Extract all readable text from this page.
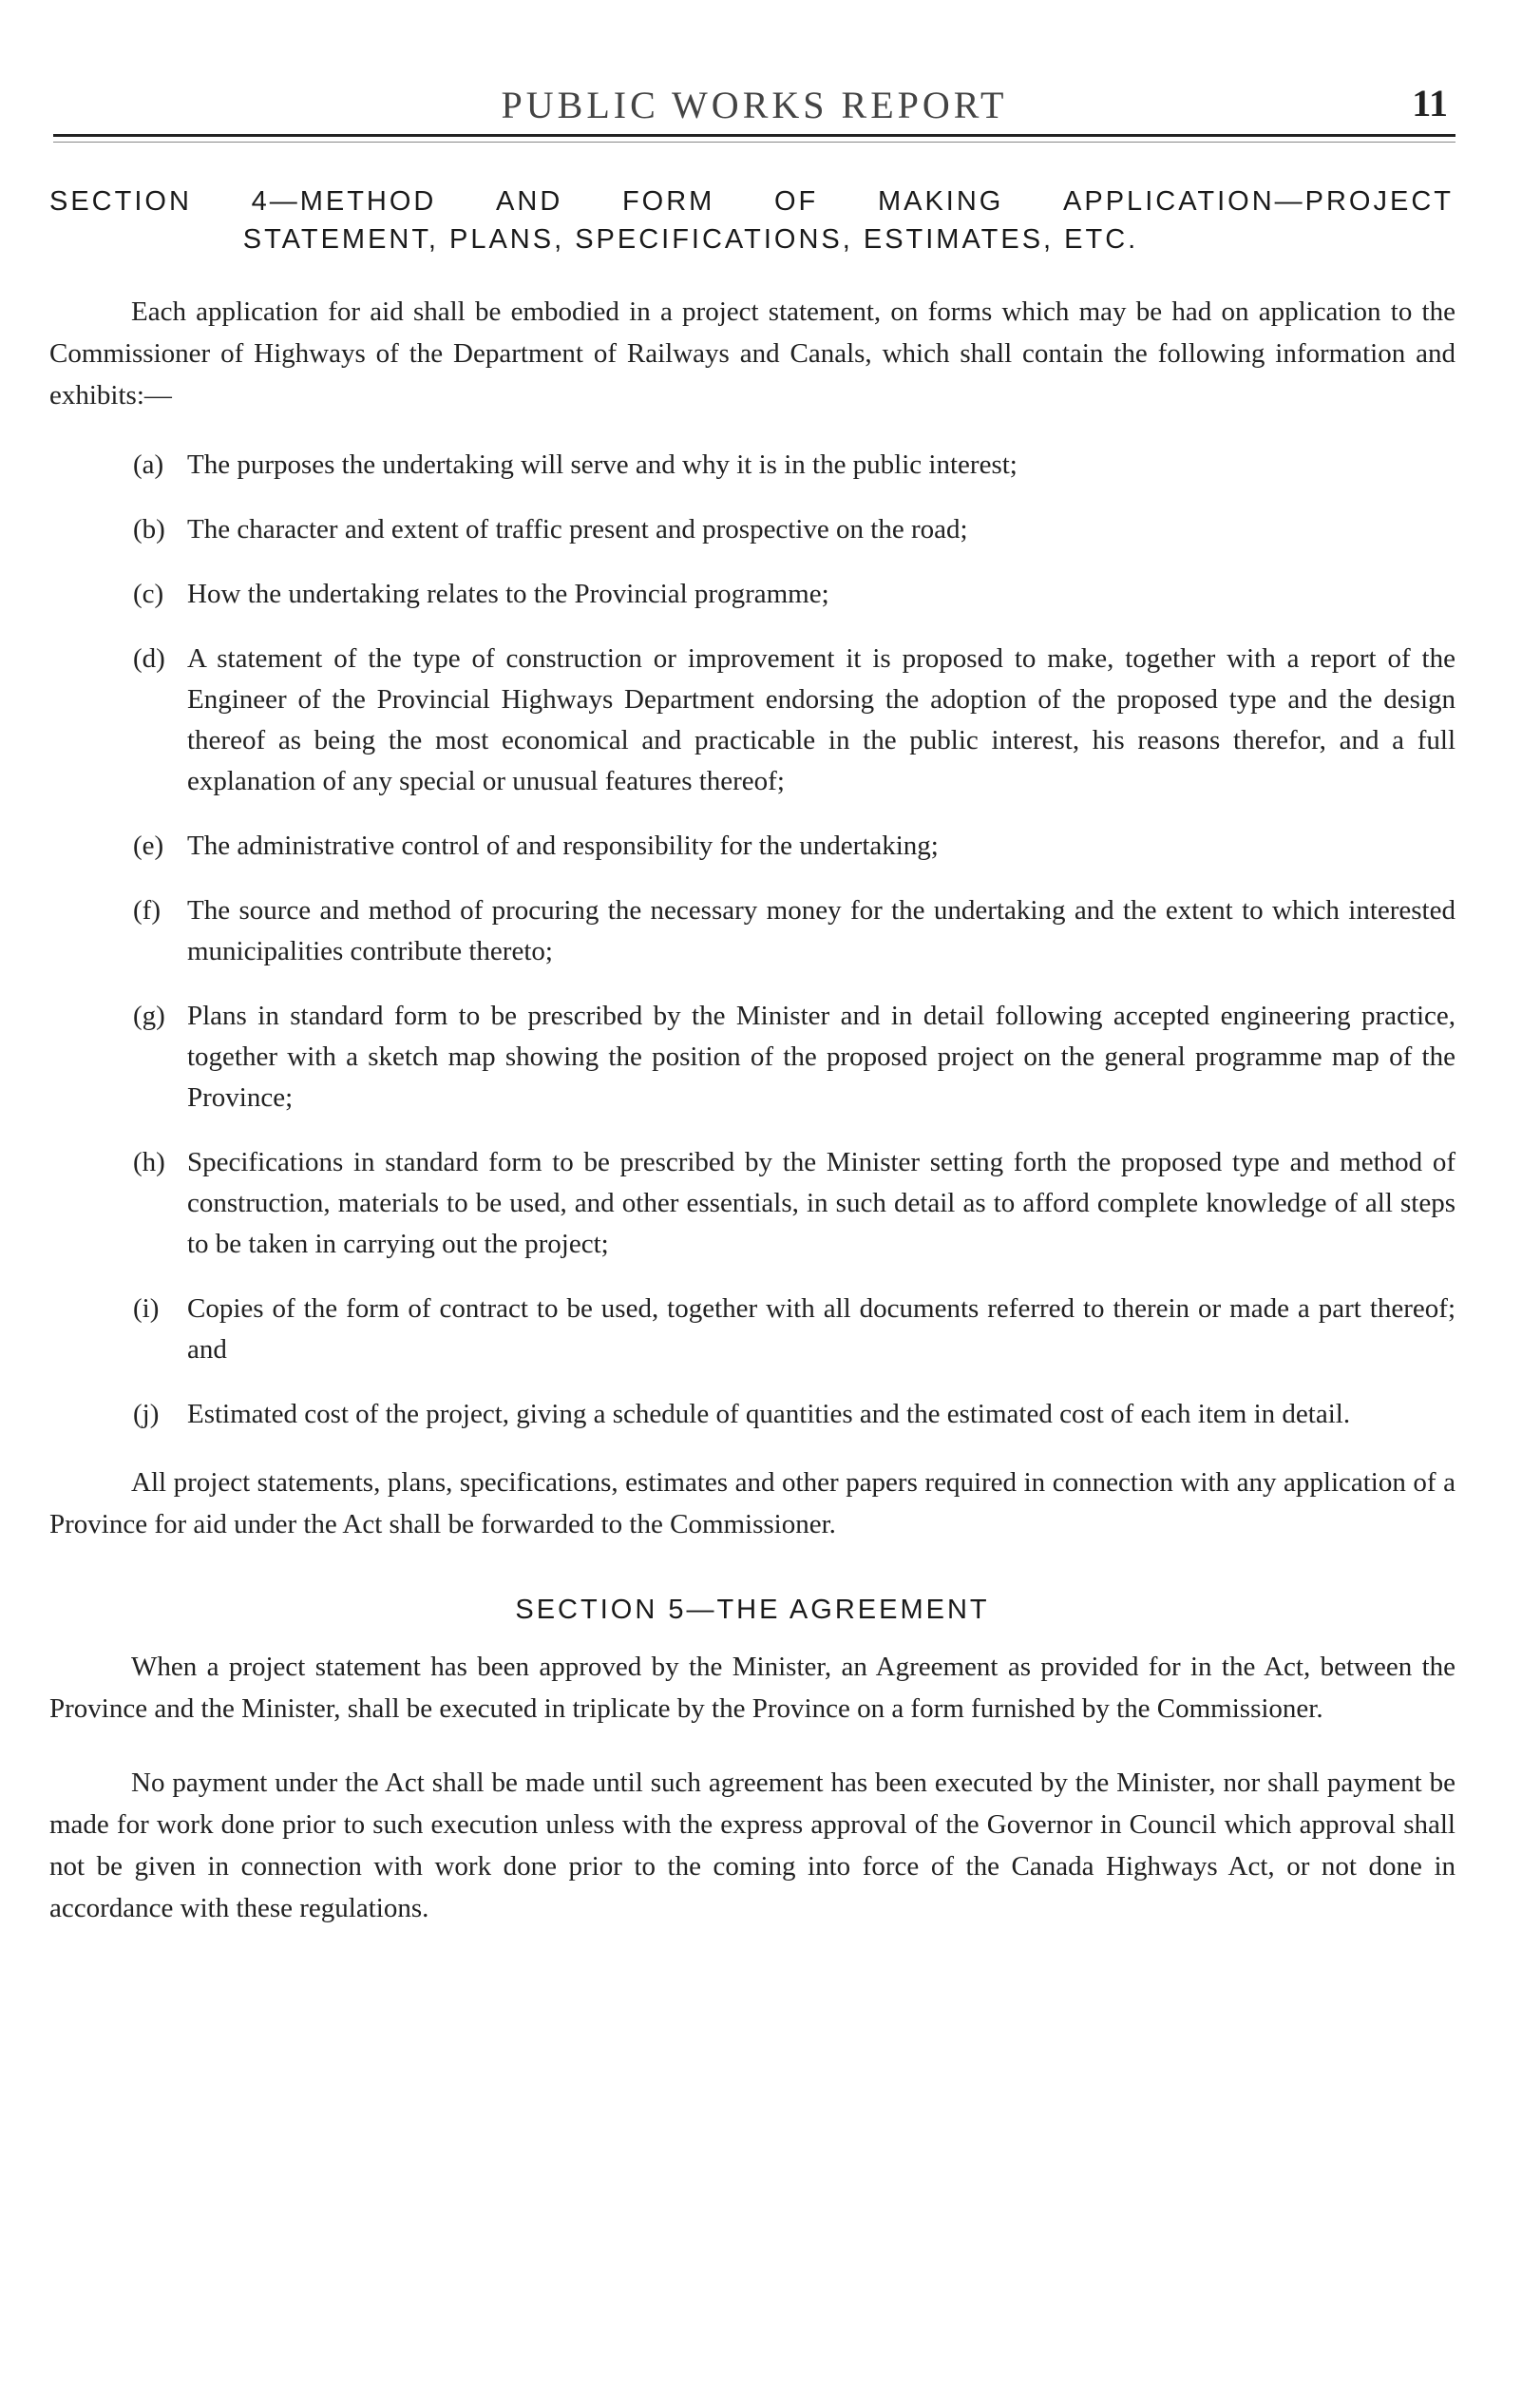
PUBLIC WORKS REPORT	11
SECTION 4—METHOD AND FORM OF MAKING APPLICATION—PROJECT
STATEMENT, PLANS, SPECIFICATIONS, ESTIMATES, ETC.
Each application for aid shall be embodied in a project statement, on forms which may be had on application to the Commissioner of Highways of the Department of Railways and Canals, which shall contain the following information and exhibits:—
(a) The purposes the undertaking will serve and why it is in the public interest;
(b) The character and extent of traffic present and prospective on the road;
(c) How the undertaking relates to the Provincial programme;
(d) A statement of the type of construction or improvement it is proposed to make, together with a report of the Engineer of the Provincial Highways Department endorsing the adoption of the proposed type and the design thereof as being the most economical and practicable in the public interest, his reasons therefor, and a full explanation of any special or unusual features thereof;
(e) The administrative control of and responsibility for the undertaking;
(f) The source and method of procuring the necessary money for the undertaking and the extent to which interested municipalities contribute thereto;
(g) Plans in standard form to be prescribed by the Minister and in detail following accepted engineering practice, together with a sketch map showing the position of the proposed project on the general programme map of the Province;
(h) Specifications in standard form to be prescribed by the Minister setting forth the proposed type and method of construction, materials to be used, and other essentials, in such detail as to afford complete knowledge of all steps to be taken in carrying out the project;
(i)	Copies of the form of contract to be used, together with all documents referred to therein or made a part thereof; and
(j)	Estimated cost of the project, giving a schedule of quantities and the estimated cost of each item in detail.
All project statements, plans, specifications, estimates and other papers required in connection with any application of a Province for aid under the Act shall be forwarded to the Commissioner.
SECTION 5—THE AGREEMENT
When a project statement has been approved by the Minister, an Agreement as provided for in the Act, between the Province and the Minister, shall be executed in triplicate by the Province on a form furnished by the Commissioner.
No payment under the Act shall be made until such agreement has been executed by the Minister, nor shall payment be made for work done prior to such execution unless with the express approval of the Governor in Council which approval shall not be given in connection with work done prior to the coming into force of the Canada Highways Act, or not done in accordance with these regulations.
